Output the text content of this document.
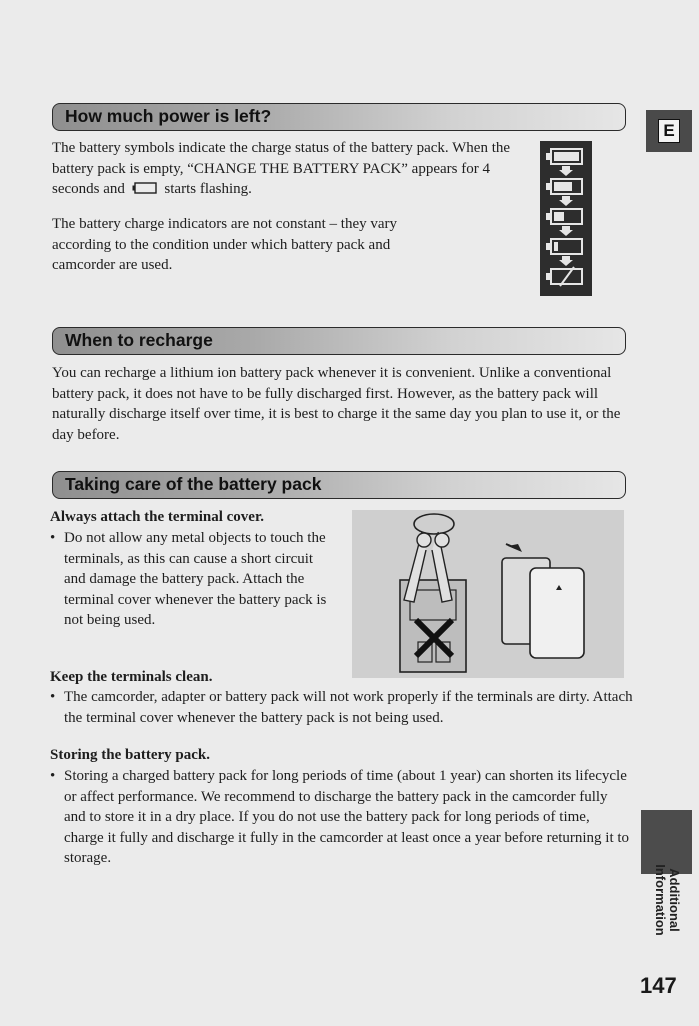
E
How much power is left?
The battery symbols indicate the charge status of the battery pack. When the battery pack is empty, “CHANGE THE BATTERY PACK” appears for 4 seconds and	starts flashing.
The battery charge indicators are not constant – they vary according to the condition under which battery pack and camcorder are used.
When to recharge
You can recharge a lithium ion battery pack whenever it is convenient. Unlike a conventional battery pack, it does not have to be fully discharged first. However, as the battery pack will naturally discharge itself over time, it is best to charge it the same day you plan to use it, or the day before.
Taking care of the battery pack
Always attach the terminal cover.
• Do not allow any metal objects to touch the terminals, as this can cause a short circuit and damage the battery pack. Attach the terminal cover whenever the battery pack is not being used.
Keep the terminals clean.
• The camcorder, adapter or battery pack will not work properly if the terminals are dirty. Attach the terminal cover whenever the battery pack is not being used.
Storing the battery pack.
• Storing a charged battery pack for long periods of time (about 1 year) can shorten its lifecycle or affect performance. We recommend to discharge the battery pack in the camcorder fully and to store it in a dry place. If you do not use the battery pack for long periods of time, charge it fully and discharge it fully in the camcorder at least once a year before returning it to storage.
Additional
Information
147
